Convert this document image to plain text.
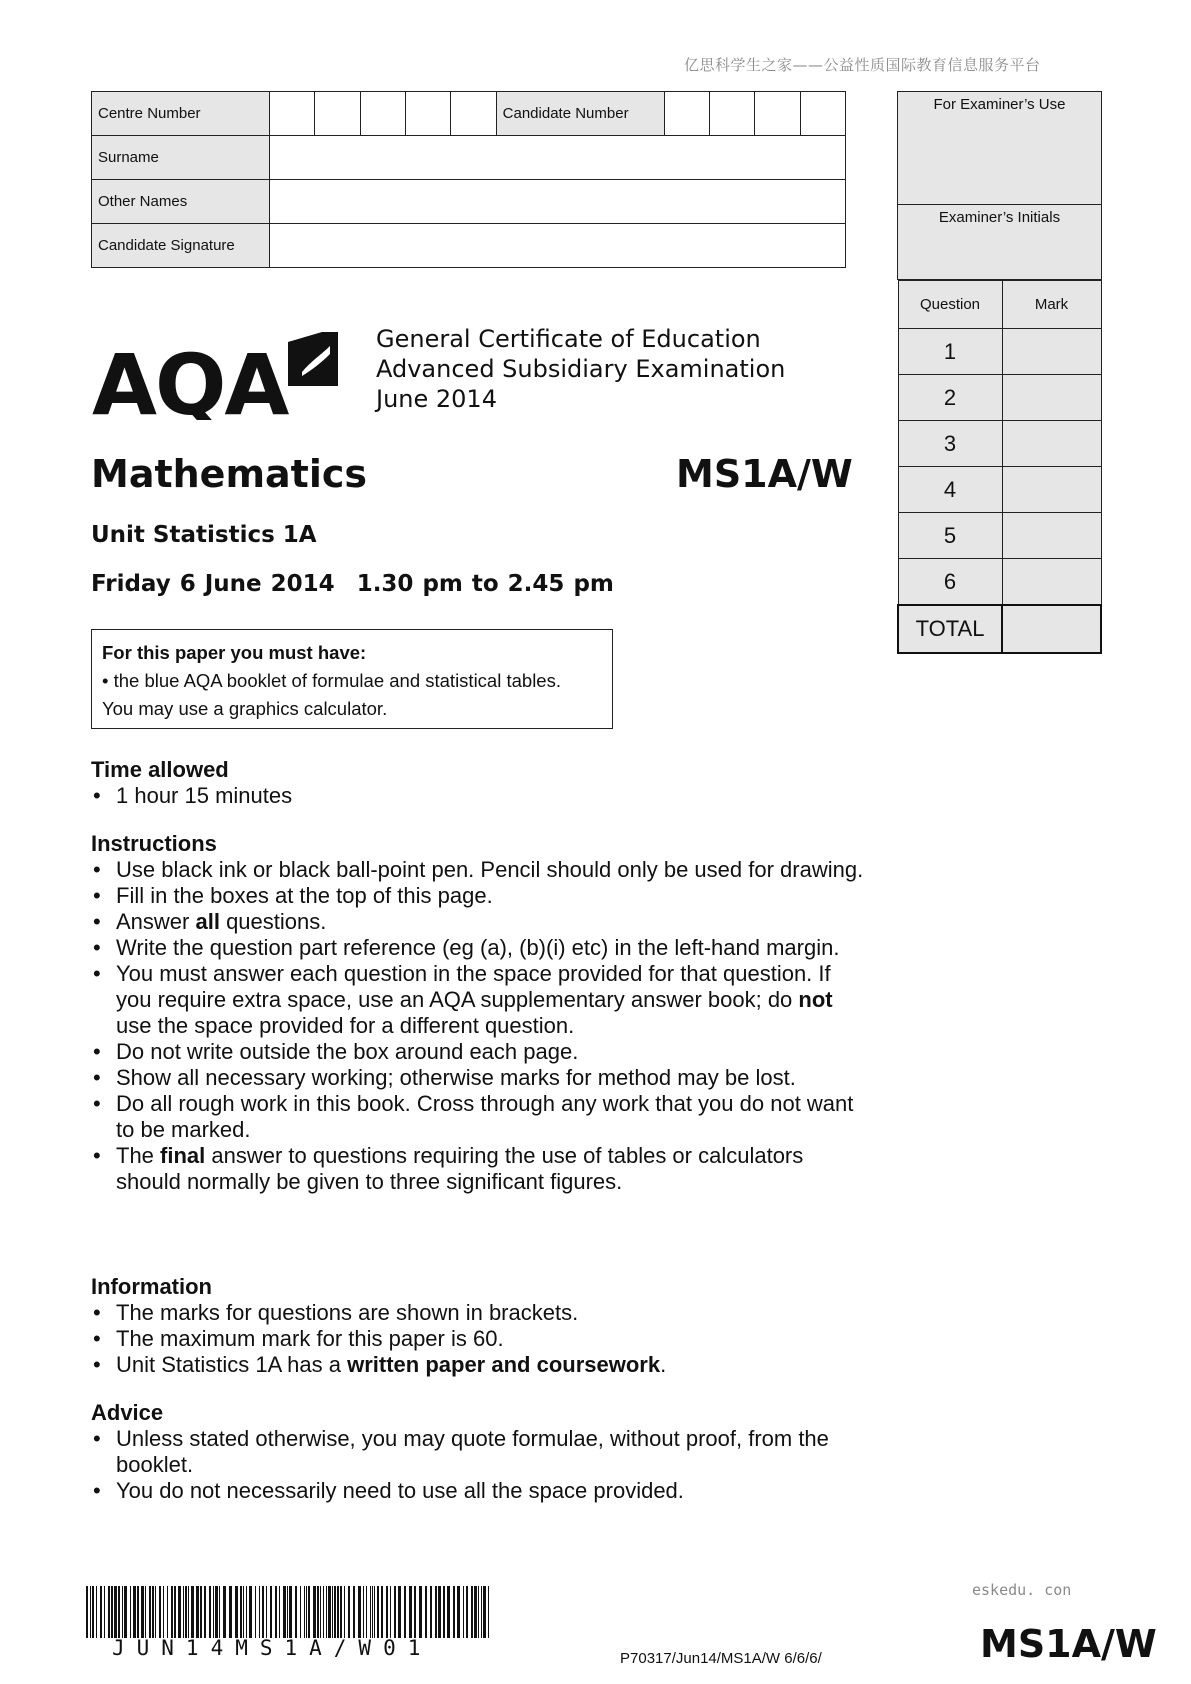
亿思科学生之家——公益性质国际教育信息服务平台
Centre Number						Candidate Number				
Surname										
Other Names										
Candidate Signature										
For Examiner’s Use
Examiner’s Initials
Question	Mark
1	
2	
3	
4	
5	
6	
TOTAL	
AQA	General Certificate of Education
Advanced Subsidiary Examination
June 2014
Mathematics	MS1A/W
Unit Statistics 1A
Friday 6 June 2014 1.30 pm to 2.45 pm
For this paper you must have:
• the blue AQA booklet of formulae and statistical tables.
You may use a graphics calculator.
Time allowed
• 1 hour 15 minutes
Instructions
• Use black ink or black ball-point pen. Pencil should only be used for drawing.
• Fill in the boxes at the top of this page.
• Answer all questions.
• Write the question part reference (eg (a), (b)(i) etc) in the left-hand margin.
• You must answer each question in the space provided for that question. If you require extra space, use an AQA supplementary answer book; do not use the space provided for a different question.
• Do not write outside the box around each page.
• Show all necessary working; otherwise marks for method may be lost.
• Do all rough work in this book. Cross through any work that you do not want to be marked.
• The final answer to questions requiring the use of tables or calculators should normally be given to three significant figures.
Information
• The marks for questions are shown in brackets.
• The maximum mark for this paper is 60.
• Unit Statistics 1A has a written paper and coursework.
Advice
• Unless stated otherwise, you may quote formulae, without proof, from the booklet.
• You do not necessarily need to use all the space provided.
JUN14MS1A/W01	P70317/Jun14/MS1A/W 6/6/6/
eskedu. con
MS1A/W
